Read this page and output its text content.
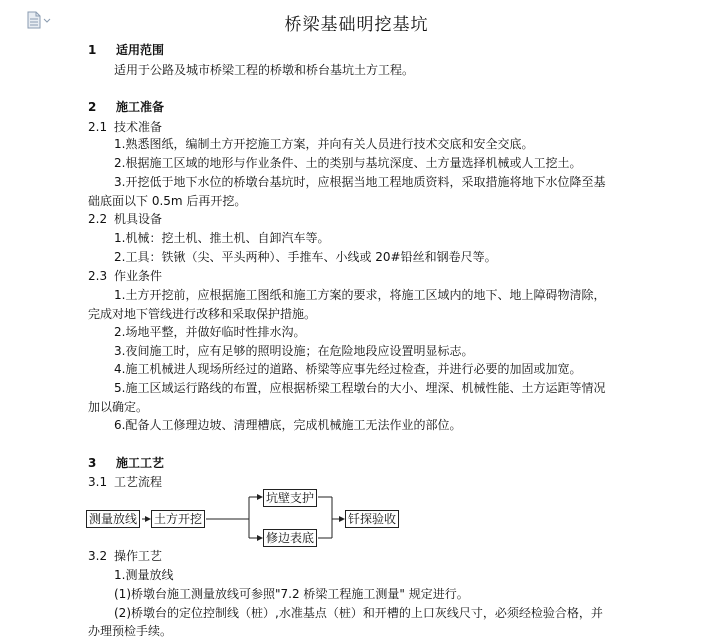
桥梁基础明挖基坑
1 适用范围
适用于公路及城市桥梁工程的桥墩和桥台基坑土方工程。
2 施工准备
2.1 技术准备
1.熟悉图纸，编制土方开挖施工方案，并向有关人员进行技术交底和安全交底。
2.根据施工区域的地形与作业条件、土的类别与基坑深度、土方量选择机械或人工挖土。
3.开挖低于地下水位的桥墩台基坑时，应根据当地工程地质资料，采取措施将地下水位降至基
础底面以下 0.5m 后再开挖。
2.2 机具设备
1.机械：挖土机、推土机、自卸汽车等。
2.工具：铁锹（尖、平头两种）、手推车、小线或 20#铅丝和钢卷尺等。
2.3 作业条件
1.土方开挖前，应根据施工图纸和施工方案的要求，将施工区域内的地下、地上障碍物清除，
完成对地下管线进行改移和采取保护措施。
2.场地平整，并做好临时性排水沟。
3.夜间施工时，应有足够的照明设施；在危险地段应设置明显标志。
4.施工机械进人现场所经过的道路、桥梁等应事先经过检查，并进行必要的加固或加宽。
5.施工区域运行路线的布置，应根据桥梁工程墩台的大小、埋深、机械性能、土方运距等情况
加以确定。
6.配备人工修理边坡、清理槽底，完成机械施工无法作业的部位。
3 施工工艺
3.1 工艺流程
测量放线 土方开挖
坑壁支护
修边表底
钎探验收
3.2 操作工艺
1.测量放线
(1)桥墩台施工测量放线可参照"7.2 桥梁工程施工测量" 规定进行。
(2)桥墩台的定位控制线（桩）,水准基点（桩）和开槽的上口灰线尺寸，必须经检验合格，并
办理预检手续。
